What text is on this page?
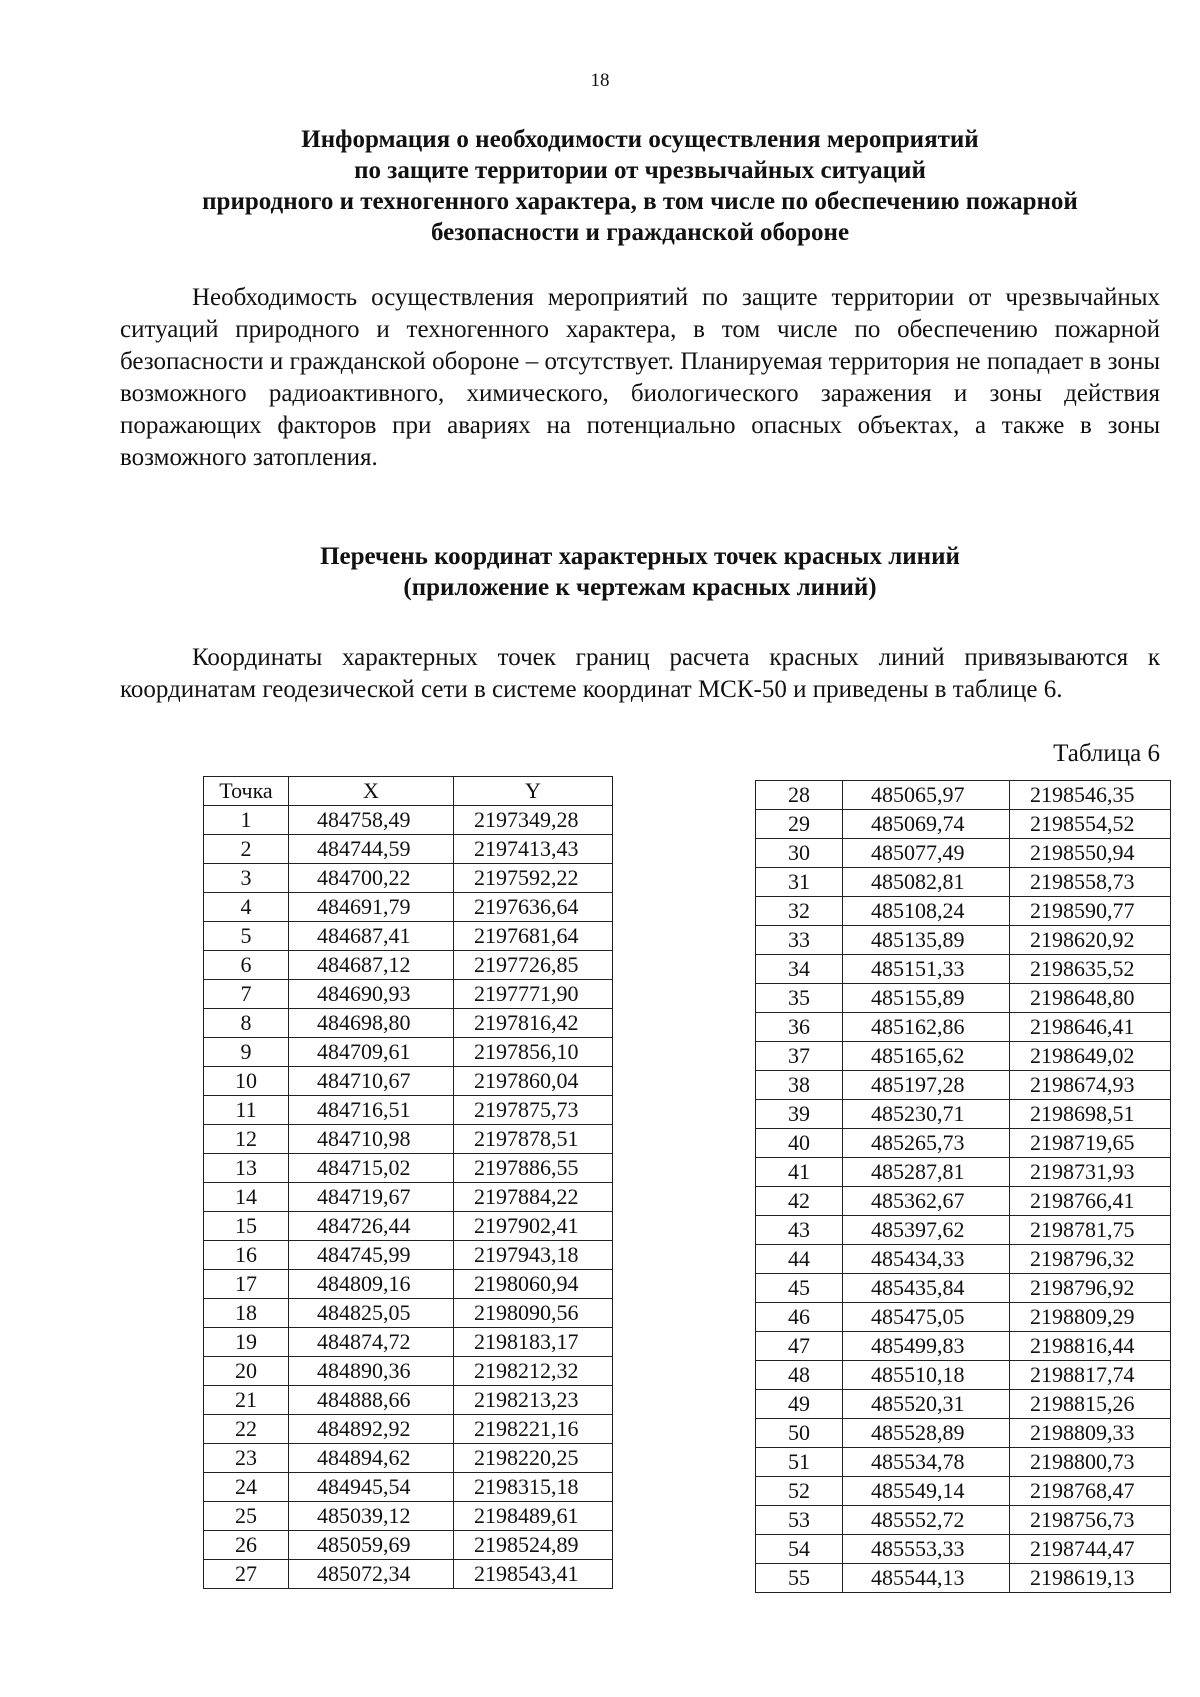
18
Информация о необходимости осуществления мероприятий
по защите территории от чрезвычайных ситуаций
природного и техногенного характера, в том числе по обеспечению пожарной
безопасности и гражданской обороне

Необходимость осуществления мероприятий по защите территории от чрезвычайных ситуаций природного и техногенного характера, в том числе по обеспечению пожарной безопасности и гражданской обороне – отсутствует. Планируемая территория не попадает в зоны возможного радиоактивного, химического, биологического заражения и зоны действия поражающих факторов при авариях на потенциально опасных объектах, а также в зоны возможного затопления.

Перечень координат характерных точек красных линий
(приложение к чертежам красных линий)

Координаты характерных точек границ расчета красных линий привязываются к координатам геодезической сети в системе координат МСК-50 и приведены в таблице 6.

Таблица 6
Точка	X	Y
1	484758,49	2197349,28
2	484744,59	2197413,43
3	484700,22	2197592,22
4	484691,79	2197636,64
5	484687,41	2197681,64
6	484687,12	2197726,85
7	484690,93	2197771,90
8	484698,80	2197816,42
9	484709,61	2197856,10
10	484710,67	2197860,04
11	484716,51	2197875,73
12	484710,98	2197878,51
13	484715,02	2197886,55
14	484719,67	2197884,22
15	484726,44	2197902,41
16	484745,99	2197943,18
17	484809,16	2198060,94
18	484825,05	2198090,56
19	484874,72	2198183,17
20	484890,36	2198212,32
21	484888,66	2198213,23
22	484892,92	2198221,16
23	484894,62	2198220,25
24	484945,54	2198315,18
25	485039,12	2198489,61
26	485059,69	2198524,89
27	485072,34	2198543,41
28	485065,97	2198546,35
29	485069,74	2198554,52
30	485077,49	2198550,94
31	485082,81	2198558,73
32	485108,24	2198590,77
33	485135,89	2198620,92
34	485151,33	2198635,52
35	485155,89	2198648,80
36	485162,86	2198646,41
37	485165,62	2198649,02
38	485197,28	2198674,93
39	485230,71	2198698,51
40	485265,73	2198719,65
41	485287,81	2198731,93
42	485362,67	2198766,41
43	485397,62	2198781,75
44	485434,33	2198796,32
45	485435,84	2198796,92
46	485475,05	2198809,29
47	485499,83	2198816,44
48	485510,18	2198817,74
49	485520,31	2198815,26
50	485528,89	2198809,33
51	485534,78	2198800,73
52	485549,14	2198768,47
53	485552,72	2198756,73
54	485553,33	2198744,47
55	485544,13	2198619,13
